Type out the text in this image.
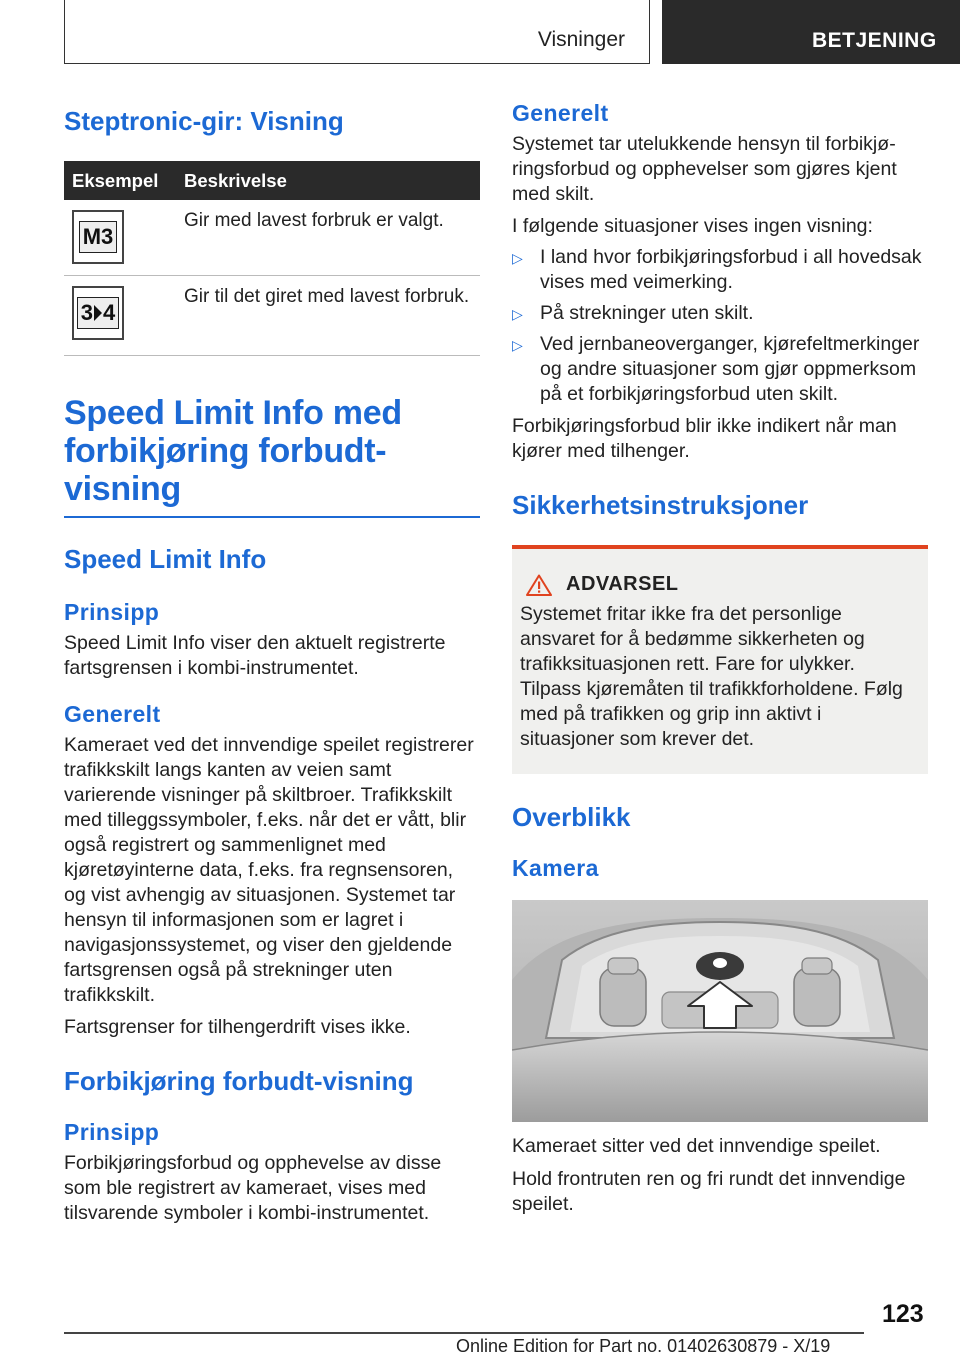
Visninger	BETJENING
Steptronic-gir: Visning
Eksempel	Beskrivelse

M3	Gir med lavest forbruk er valgt.

3 4	Gir til det giret med lavest forbruk.
Speed Limit Info med forbikjøring forbudt-visning
Speed Limit Info
Prinsipp

Speed Limit Info viser den aktuelt registrerte fartsgrensen i kombi-instrumentet.

Generelt

Kameraet ved det innvendige speilet registrerer trafikkskilt langs kanten av veien samt varierende visninger på skiltbroer. Trafikkskilt med tilleggssymboler, f.eks. når det er vått, blir også registrert og sammenlignet med kjøretøyinterne data, f.eks. fra regnsensoren, og vist avhengig av situasjonen. Systemet tar hensyn til informasjonen som er lagret i navigasjonssystemet, og viser den gjeldende fartsgrensen også på strekninger uten trafikkskilt.

Fartsgrenser for tilhengerdrift vises ikke.

Forbikjøring forbudt-visning
Prinsipp

Forbikjøringsforbud og opphevelse av disse som ble registrert av kameraet, vises med tilsvarende symboler i kombi-instrumentet.

Generelt

Systemet tar utelukkende hensyn til forbikjøringsforbud og opphevelser som gjøres kjent med skilt.

I følgende situasjoner vises ingen visning:

▷ I land hvor forbikjøringsforbud i all hovedsak vises med veimerking.
▷ På strekninger uten skilt.
▷ Ved jernbaneoverganger, kjørefeltmerkinger og andre situasjoner som gjør oppmerksom på et forbikjøringsforbud uten skilt.

Forbikjøringsforbud blir ikke indikert når man kjører med tilhenger.

Sikkerhetsinstruksjoner
ADVARSEL

Systemet fritar ikke fra det personlige ansvaret for å bedømme sikkerheten og trafikksituasjonen rett. Fare for ulykker. Tilpass kjøremåten til trafikkforholdene. Følg med på trafikken og grip inn aktivt i situasjoner som krever det.

Overblikk
Kamera

Kameraet sitter ved det innvendige speilet.

Hold frontruten ren og fri rundt det innvendige speilet.

123
Online Edition for Part no. 01402630879 - X/19
